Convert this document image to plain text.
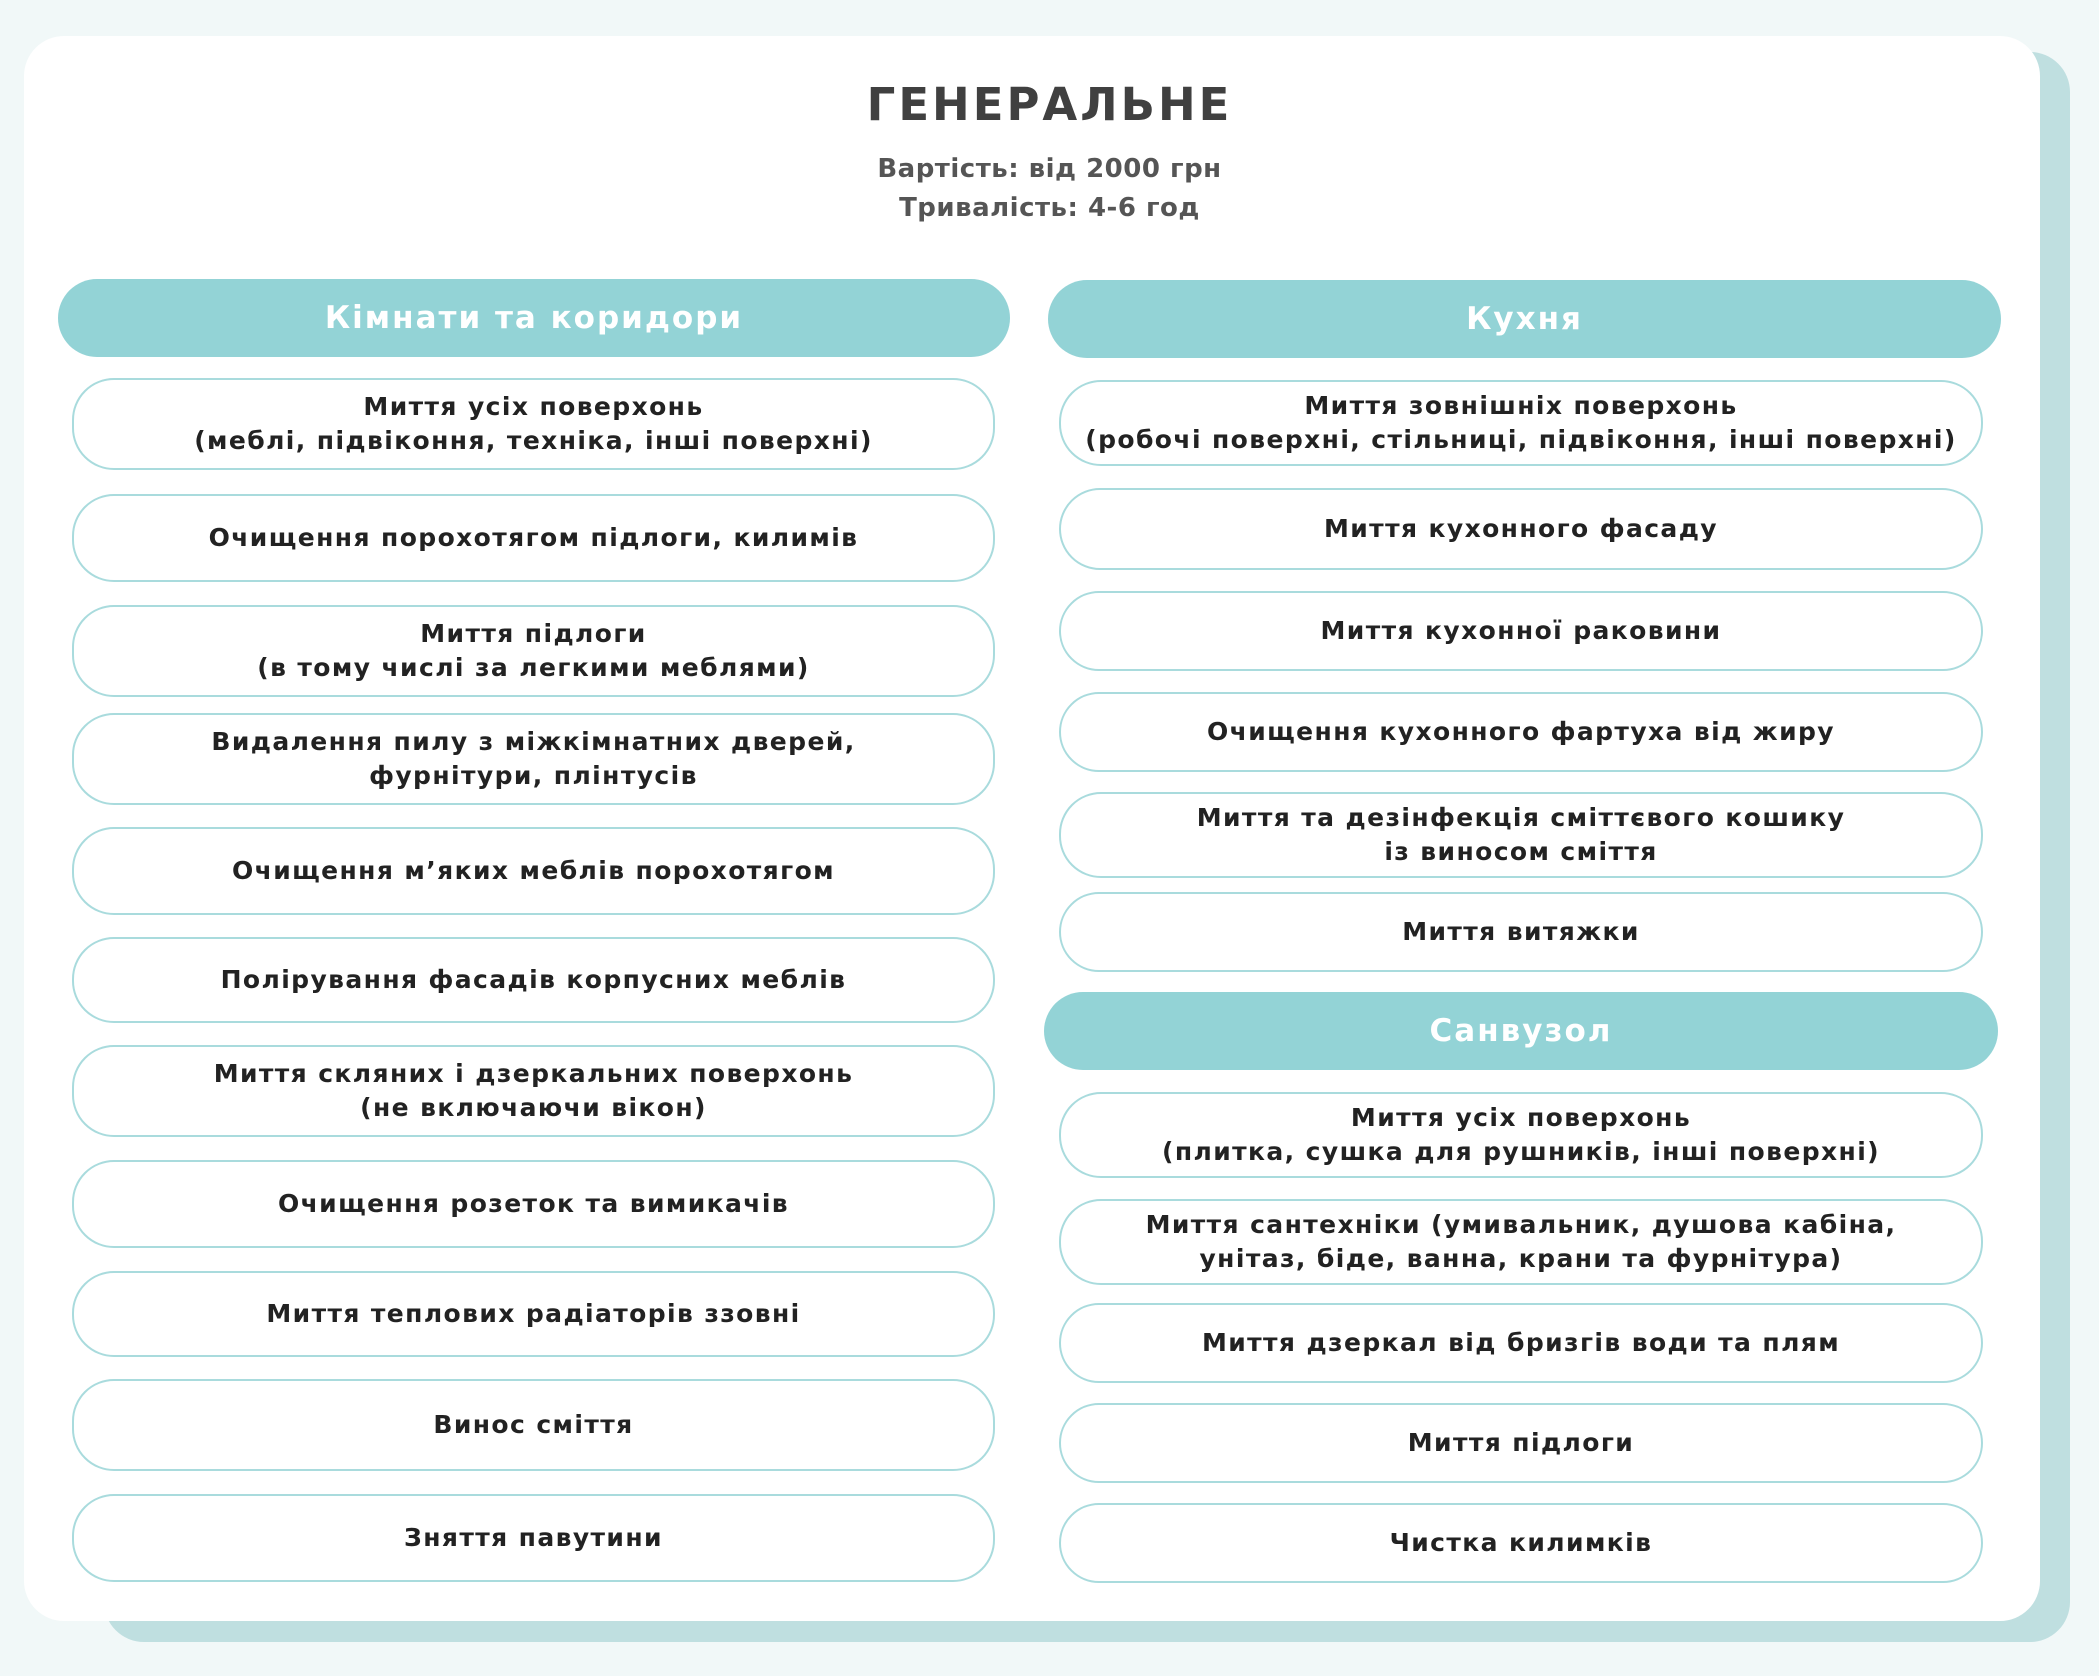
ГЕНЕРАЛЬНЕ
Вартість: від 2000 грн
Тривалість: 4-6 год
Кімнати та коридори
Миття усіх поверхонь
(меблі, підвіконня, техніка, інші поверхні)
Очищення порохотягом підлоги, килимів
Миття підлоги
(в тому числі за легкими меблями)
Видалення пилу з міжкімнатних дверей,
фурнітури, плінтусів
Очищення м’яких меблів порохотягом
Полірування фасадів корпусних меблів
Миття скляних і дзеркальних поверхонь
(не включаючи вікон)
Очищення розеток та вимикачів
Миття теплових радіаторів ззовні
Винос сміття
Зняття павутини
Кухня
Миття зовнішніх поверхонь
(робочі поверхні, стільниці, підвіконня, інші поверхні)
Миття кухонного фасаду
Миття кухонної раковини
Очищення кухонного фартуха від жиру
Миття та дезінфекція сміттєвого кошику
із виносом сміття
Миття витяжки
Санвузол
Миття усіх поверхонь
(плитка, сушка для рушників, інші поверхні)
Миття сантехніки (умивальник, душова кабіна,
унітаз, біде, ванна, крани та фурнітура)
Миття дзеркал від бризгів води та плям
Миття підлоги
Чистка килимків
